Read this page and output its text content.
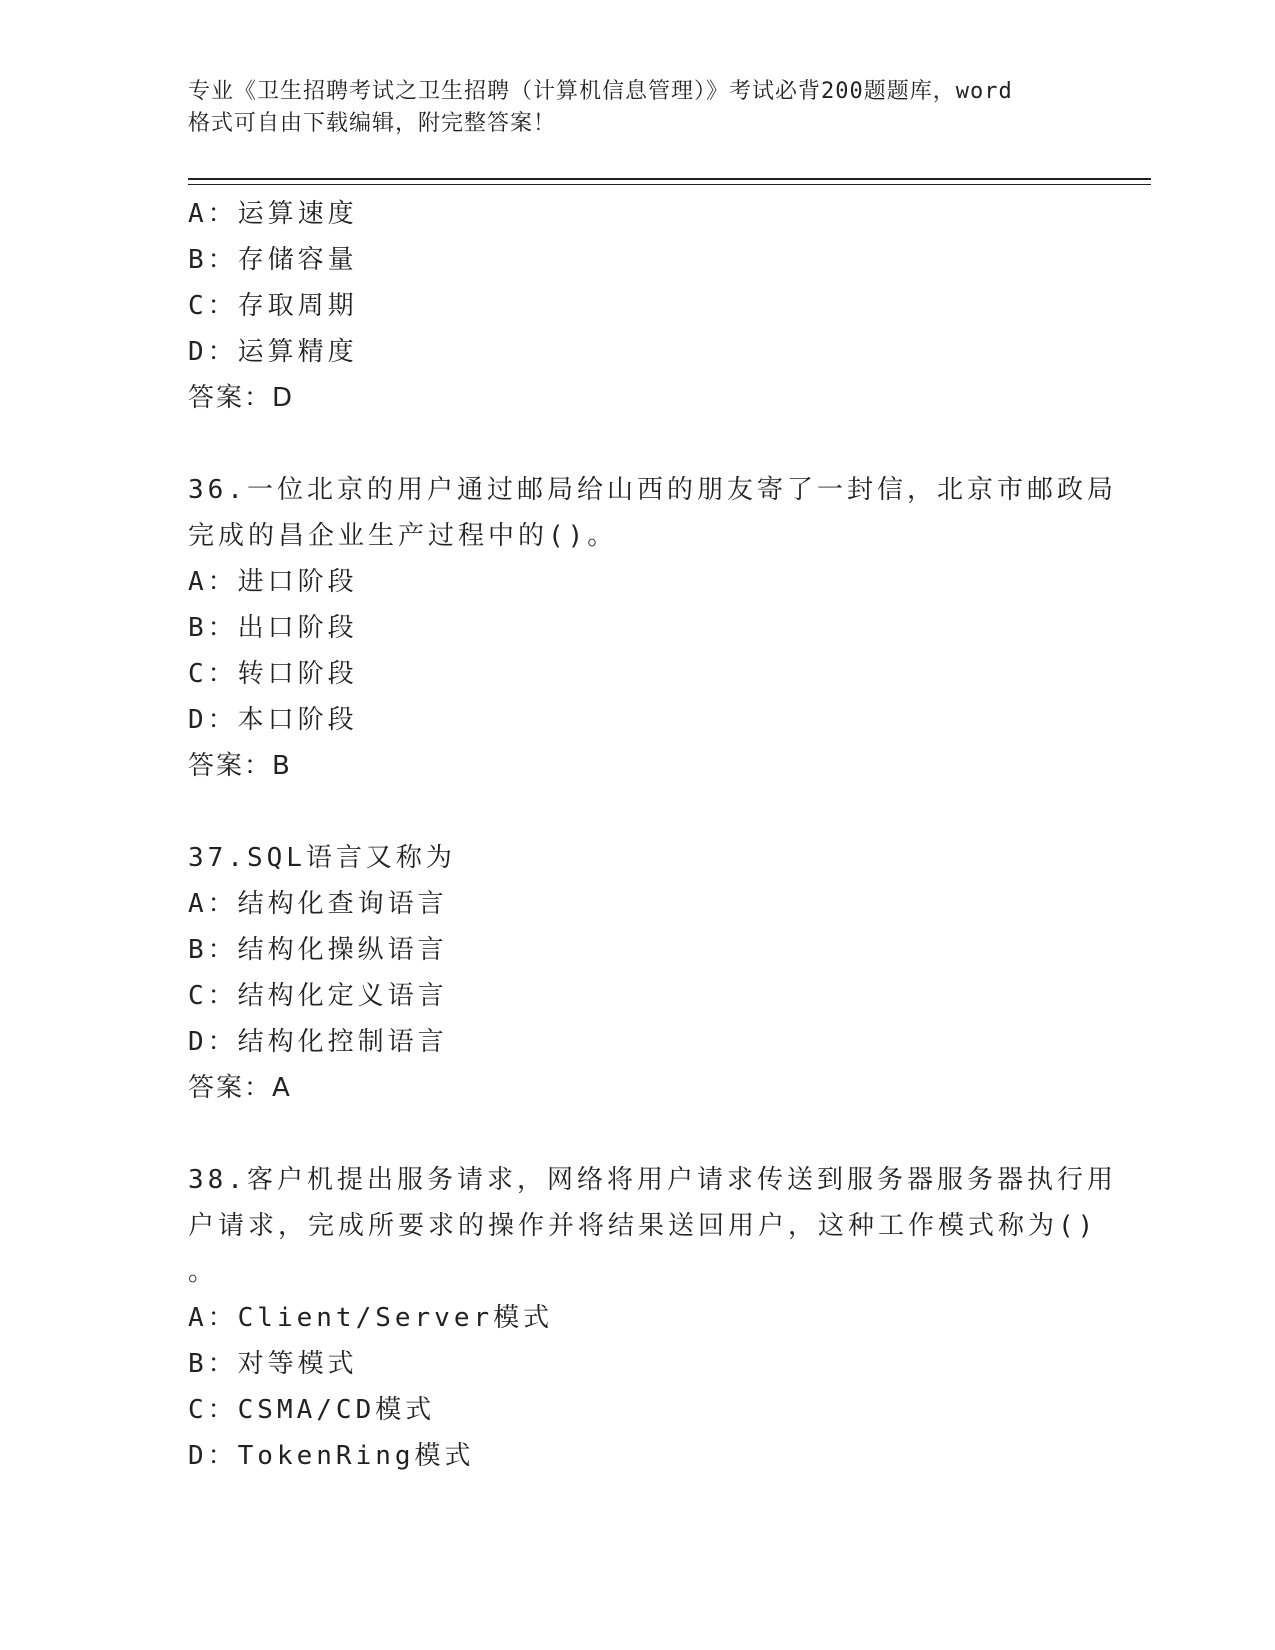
专业《卫生招聘考试之卫生招聘（计算机信息管理）》考试必背200题题库，word
格式可自由下载编辑，附完整答案！
A：运算速度
B：存储容量
C：存取周期
D：运算精度
答案：D
36.一位北京的用户通过邮局给山西的朋友寄了一封信，北京市邮政局
完成的昌企业生产过程中的()。
A：进口阶段
B：出口阶段
C：转口阶段
D：本口阶段
答案：B
37.SQL语言又称为
A：结构化查询语言
B：结构化操纵语言
C：结构化定义语言
D：结构化控制语言
答案：A
38.客户机提出服务请求，网络将用户请求传送到服务器服务器执行用
户请求，完成所要求的操作并将结果送回用户，这种工作模式称为()
。
A：Client/Server模式
B：对等模式
C：CSMA/CD模式
D：TokenRing模式
